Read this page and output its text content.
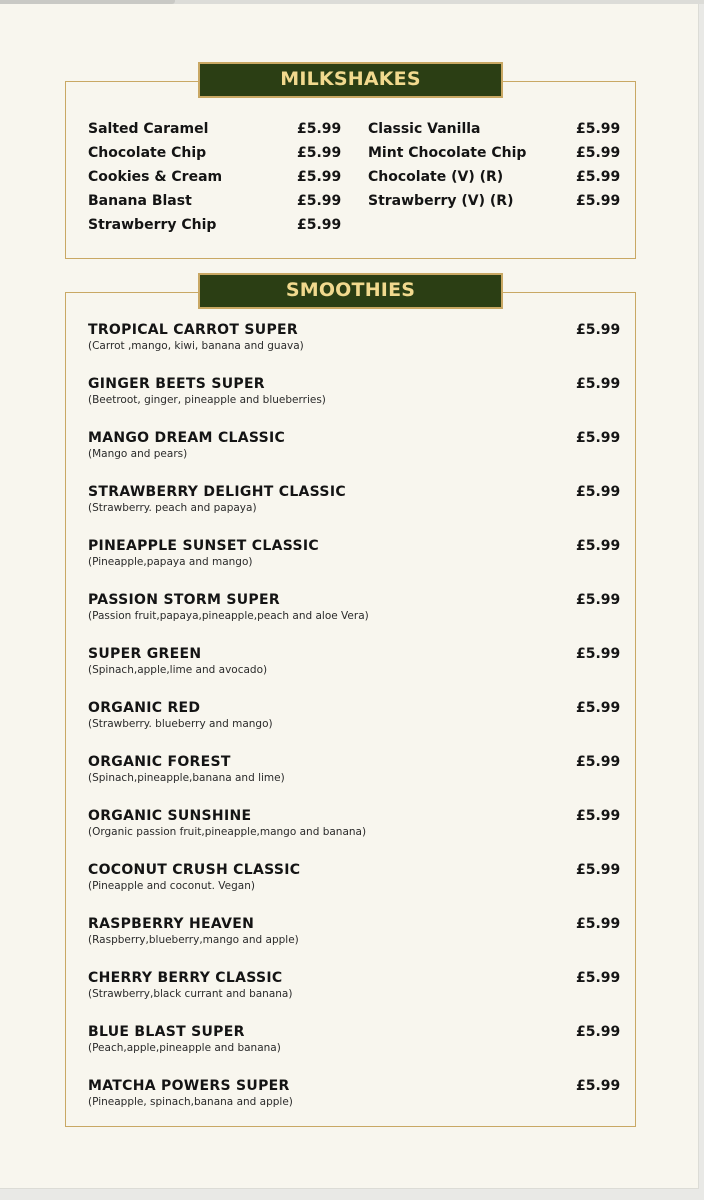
MILKSHAKES
Salted Caramel	£5.99
Chocolate Chip	£5.99
Cookies & Cream	£5.99
Banana Blast	£5.99
Strawberry Chip	£5.99
Classic Vanilla	£5.99
Mint Chocolate Chip	£5.99
Chocolate (V) (R)	£5.99
Strawberry (V) (R)	£5.99
SMOOTHIES
TROPICAL CARROT SUPER
(Carrot ,mango, kiwi, banana and guava)
£5.99
GINGER BEETS SUPER
(Beetroot, ginger, pineapple and blueberries)
£5.99
MANGO DREAM CLASSIC
(Mango and pears)
£5.99
STRAWBERRY DELIGHT CLASSIC
(Strawberry. peach and papaya)
£5.99
PINEAPPLE SUNSET CLASSIC
(Pineapple,papaya and mango)
£5.99
PASSION STORM SUPER
(Passion fruit,papaya,pineapple,peach and aloe Vera)
£5.99
SUPER GREEN
(Spinach,apple,lime and avocado)
£5.99
ORGANIC RED
(Strawberry. blueberry and mango)
£5.99
ORGANIC FOREST
(Spinach,pineapple,banana and lime)
£5.99
ORGANIC SUNSHINE
(Organic passion fruit,pineapple,mango and banana)
£5.99
COCONUT CRUSH CLASSIC
(Pineapple and coconut. Vegan)
£5.99
RASPBERRY HEAVEN
(Raspberry,blueberry,mango and apple)
£5.99
CHERRY BERRY CLASSIC
(Strawberry,black currant and banana)
£5.99
BLUE BLAST SUPER
(Peach,apple,pineapple and banana)
£5.99
MATCHA POWERS SUPER
(Pineapple, spinach,banana and apple)
£5.99
